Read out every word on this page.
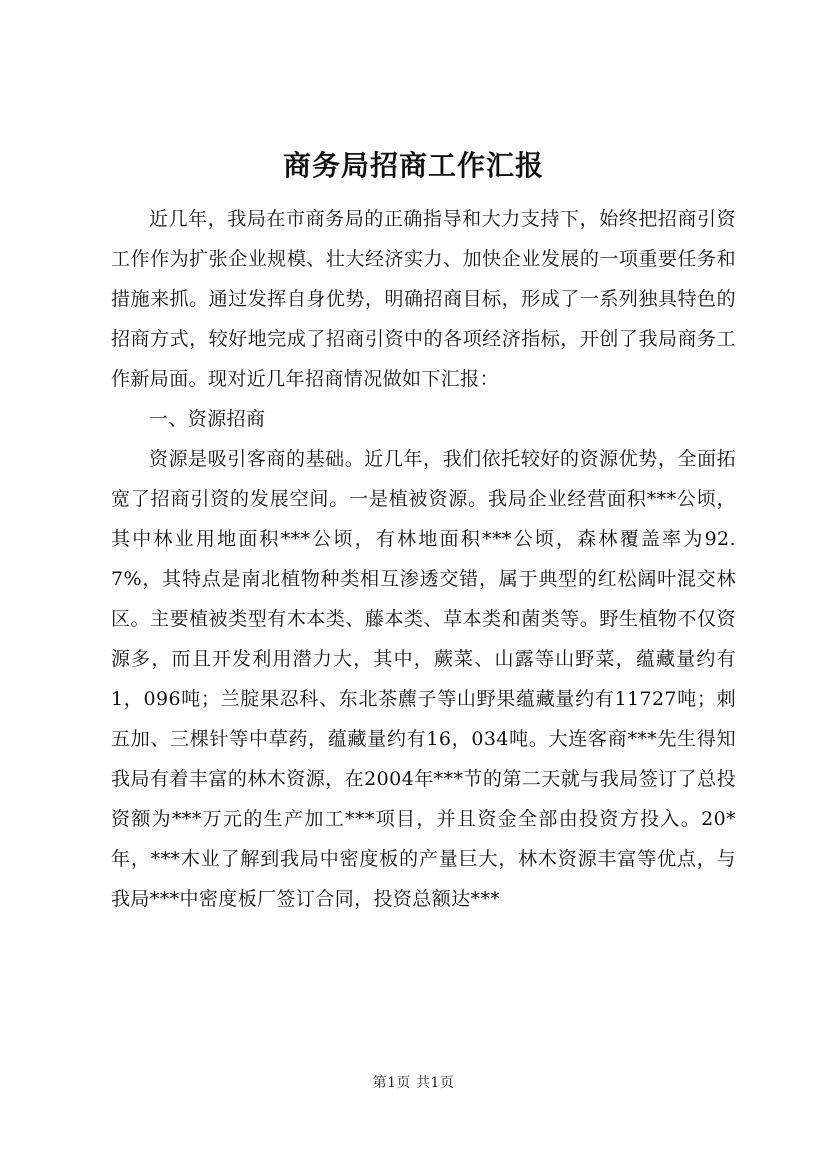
商务局招商工作汇报

近几年，我局在市商务局的正确指导和大力支持下，始终把招商引资工作作为扩张企业规模、壮大经济实力、加快企业发展的一项重要任务和措施来抓。通过发挥自身优势，明确招商目标，形成了一系列独具特色的招商方式，较好地完成了招商引资中的各项经济指标，开创了我局商务工作新局面。现对近几年招商情况做如下汇报：

一、资源招商

资源是吸引客商的基础。近几年，我们依托较好的资源优势，全面拓宽了招商引资的发展空间。一是植被资源。我局企业经营面积***公顷，其中林业用地面积***公顷，有林地面积***公顷，森林覆盖率为92.7%，其特点是南北植物种类相互渗透交错，属于典型的红松阔叶混交林区。主要植被类型有木本类、藤本类、草本类和菌类等。野生植物不仅资源多，而且开发利用潜力大，其中，蕨菜、山露等山野菜，蕴藏量约有1，096吨；兰腚果忍科、东北茶藨子等山野果蕴藏量约有11727吨；刺五加、三棵针等中草药，蕴藏量约有16，034吨。大连客商***先生得知我局有着丰富的林木资源，在2004年***节的第二天就与我局签订了总投资额为***万元的生产加工***项目，并且资金全部由投资方投入。20*年，***木业了解到我局中密度板的产量巨大，林木资源丰富等优点，与我局***中密度板厂签订合同，投资总额达***

第1页 共1页
